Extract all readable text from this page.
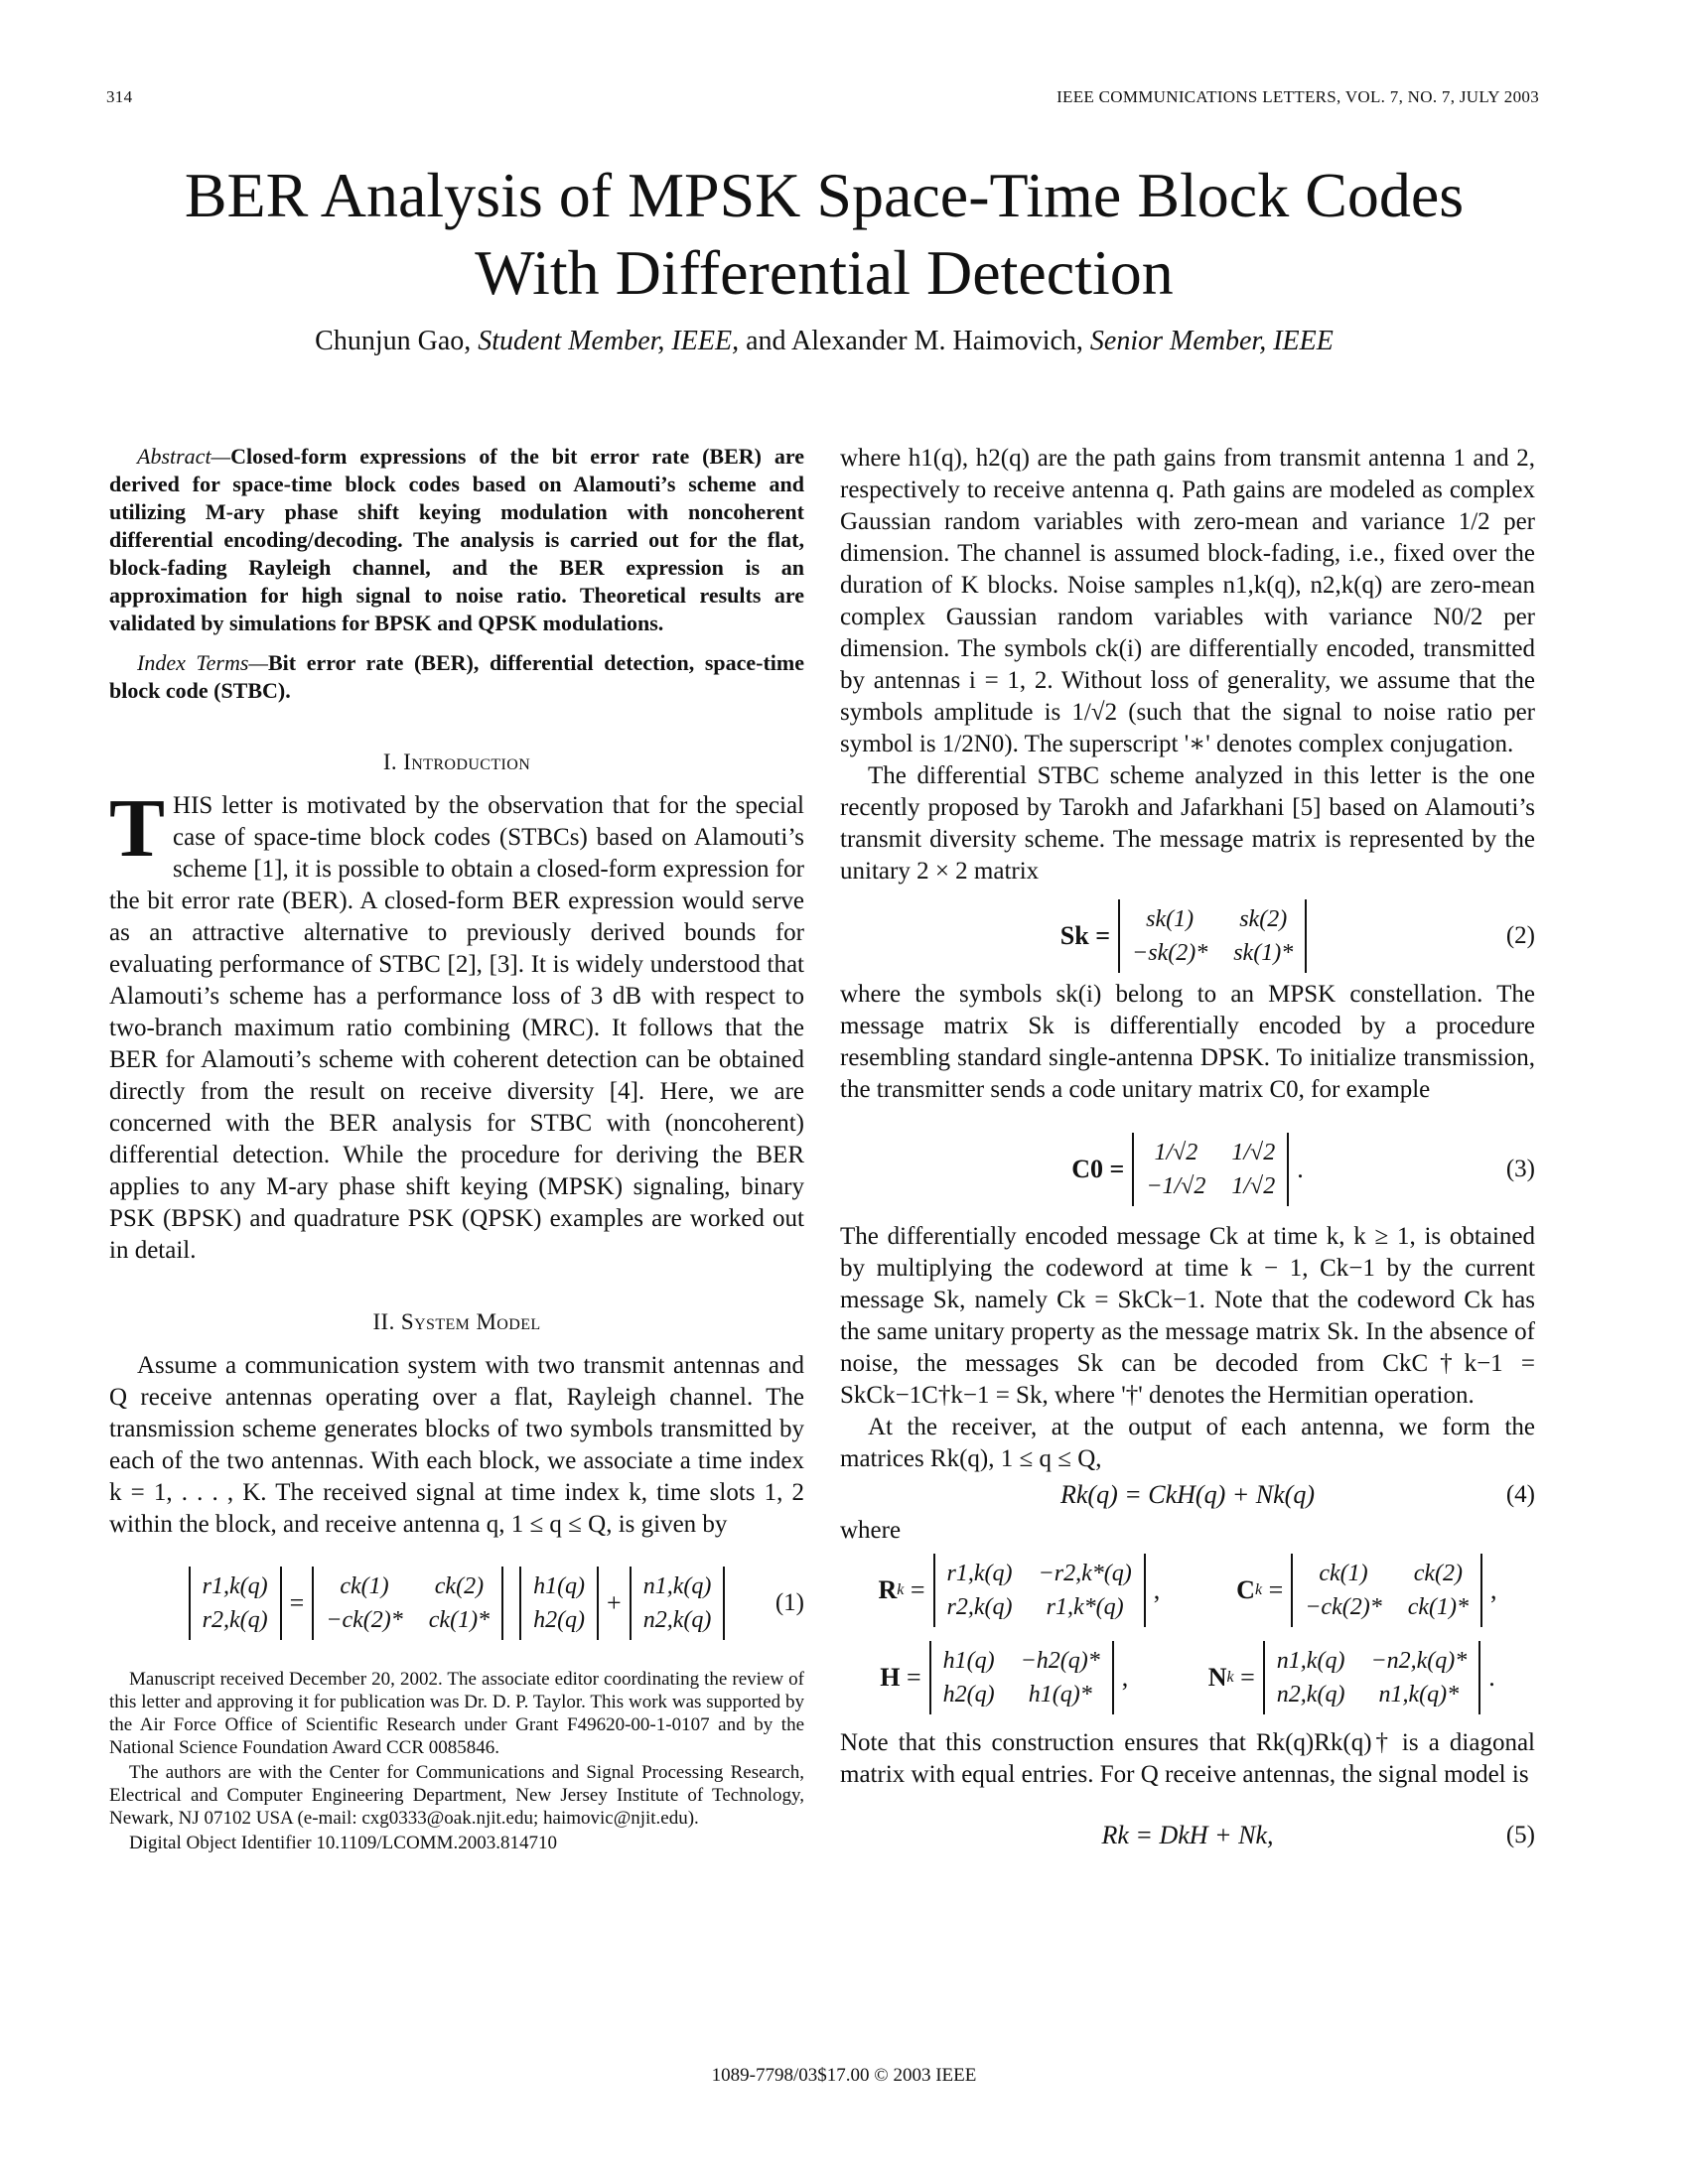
314	IEEE COMMUNICATIONS LETTERS, VOL. 7, NO. 7, JULY 2003
BER Analysis of MPSK Space-Time Block Codes
With Differential Detection
Chunjun Gao, Student Member, IEEE, and Alexander M. Haimovich, Senior Member, IEEE

Abstract—Closed-form expressions of the bit error rate (BER) are derived for space-time block codes based on Alamouti’s scheme and utilizing M-ary phase shift keying modulation with noncoherent differential encoding/decoding. The analysis is carried out for the flat, block-fading Rayleigh channel, and the BER expression is an approximation for high signal to noise ratio. Theoretical results are validated by simulations for BPSK and QPSK modulations.

Index Terms—Bit error rate (BER), differential detection, space-time block code (STBC).

I. Introduction

THIS letter is motivated by the observation that for the special case of space-time block codes (STBCs) based on Alamouti’s scheme [1], it is possible to obtain a closed-form expression for the bit error rate (BER). A closed-form BER expression would serve as an attractive alternative to previously derived bounds for evaluating performance of STBC [2], [3]. It is widely understood that Alamouti’s scheme has a performance loss of 3 dB with respect to two-branch maximum ratio combining (MRC). It follows that the BER for Alamouti’s scheme with coherent detection can be obtained directly from the result on receive diversity [4]. Here, we are concerned with the BER analysis for STBC with (noncoherent) differential detection. While the procedure for deriving the BER applies to any M-ary phase shift keying (MPSK) signaling, binary PSK (BPSK) and quadrature PSK (QPSK) examples are worked out in detail.

II. System Model

Assume a communication system with two transmit antennas and Q receive antennas operating over a flat, Rayleigh channel. The transmission scheme generates blocks of two symbols transmitted by each of the two antennas. With each block, we associate a time index k = 1, . . . , K. The received signal at time index k, time slots 1, 2 within the block, and receive antenna q, 1 ≤ q ≤ Q, is given by

r1,k(q)
r2,k(q)
=
ck(1)	ck(2)
−ck(2)* ck(1)*
h1(q)
h2(q)
+
n1,k(q)
n2,k(q)
(1)

Manuscript received December 20, 2002. The associate editor coordinating the review of this letter and approving it for publication was Dr. D. P. Taylor. This work was supported by the Air Force Office of Scientific Research under Grant F49620-00-1-0107 and by the National Science Foundation Award CCR 0085846.

The authors are with the Center for Communications and Signal Processing Research, Electrical and Computer Engineering Department, New Jersey Institute of Technology, Newark, NJ 07102 USA (e-mail: cxg0333@oak.njit.edu; haimovic@njit.edu).

Digital Object Identifier 10.1109/LCOMM.2003.814710

where h1(q), h2(q) are the path gains from transmit antenna 1 and 2, respectively to receive antenna q. Path gains are modeled as complex Gaussian random variables with zero-mean and variance 1/2 per dimension. The channel is assumed block-fading, i.e., fixed over the duration of K blocks. Noise samples n1,k(q), n2,k(q) are zero-mean complex Gaussian random variables with variance N0/2 per dimension. The symbols ck(i) are differentially encoded, transmitted by antennas i = 1, 2. Without loss of generality, we assume that the symbols amplitude is 1/√2 (such that the signal to noise ratio per symbol is 1/2N0). The superscript '∗' denotes complex conjugation.

The differential STBC scheme analyzed in this letter is the one recently proposed by Tarokh and Jafarkhani [5] based on Alamouti’s transmit diversity scheme. The message matrix is represented by the unitary 2 × 2 matrix

Sk =
sk(1)	sk(2)
−sk(2)* sk(1)*
(2)

where the symbols sk(i) belong to an MPSK constellation. The message matrix Sk is differentially encoded by a procedure resembling standard single-antenna DPSK. To initialize transmission, the transmitter sends a code unitary matrix C0, for example

C0 =
1/√2	1/√2
−1/√2 1/√2
.	(3)

The differentially encoded message Ck at time k, k ≥ 1, is obtained by multiplying the codeword at time k − 1, Ck−1 by the current message Sk, namely Ck = SkCk−1. Note that the codeword Ck has the same unitary property as the message matrix Sk. In the absence of noise, the messages Sk can be decoded from CkC†k−1 = SkCk−1C†k−1 = Sk, where '†' denotes the Hermitian operation.

At the receiver, at the output of each antenna, we form the matrices Rk(q), 1 ≤ q ≤ Q,

Rk(q) = CkH(q) + Nk(q)	(4)

where

R k =
r1,k(q) −r2,k*(q)
r2,k(q)	r1,k*(q)
,	C k =
ck(1)	ck(2)
−ck(2)* ck(1)*
,
H =
h1(q) −h2(q)*
h2(q)	h1(q)*
,	N k =
n1,k(q) −n2,k(q)*
n2,k(q)	n1,k(q)*
.

Note that this construction ensures that Rk(q)Rk(q)† is a diagonal matrix with equal entries. For Q receive antennas, the signal model is

Rk = DkH + Nk,	(5)
1089-7798/03$17.00 © 2003 IEEE
